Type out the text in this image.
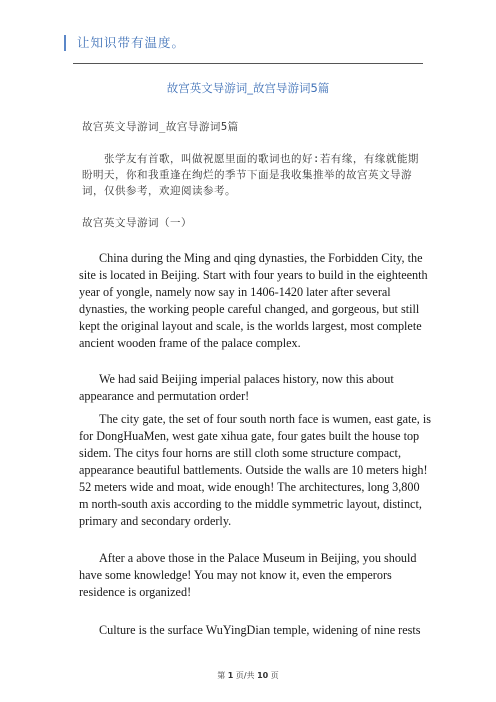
让知识带有温度。
故宫英文导游词_故宫导游词5篇
故宫英文导游词_故宫导游词5篇
张学友有首歌，叫做祝愿里面的歌词也的好:若有缘，有缘就能期盼明天，你和我重逢在绚烂的季节下面是我收集推举的故宫英文导游词，仅供参考，欢迎阅读参考。
故宫英文导游词（一）

China during the Ming and qing dynasties, the Forbidden City, the site is located in Beijing. Start with four years to build in the eighteenth year of yongle, namely now say in 1406-1420 later after several dynasties, the working people careful changed, and gorgeous, but still kept the original layout and scale, is the worlds largest, most complete ancient wooden frame of the palace complex.

We had said Beijing imperial palaces history, now this about appearance and permutation order!

The city gate, the set of four south north face is wumen, east gate, is for DongHuaMen, west gate xihua gate, four gates built the house top sidem. The citys four horns are still cloth some structure compact, appearance beautiful battlements. Outside the walls are 10 meters high! 52 meters wide and moat, wide enough! The architectures, long 3,800 m north-south axis according to the middle symmetric layout, distinct, primary and secondary orderly.

After a above those in the Palace Museum in Beijing, you should have some knowledge! You may not know it, even the emperors residence is organized!

Culture is the surface WuYingDian temple, widening of nine rests

第 1 页/共 10 页
